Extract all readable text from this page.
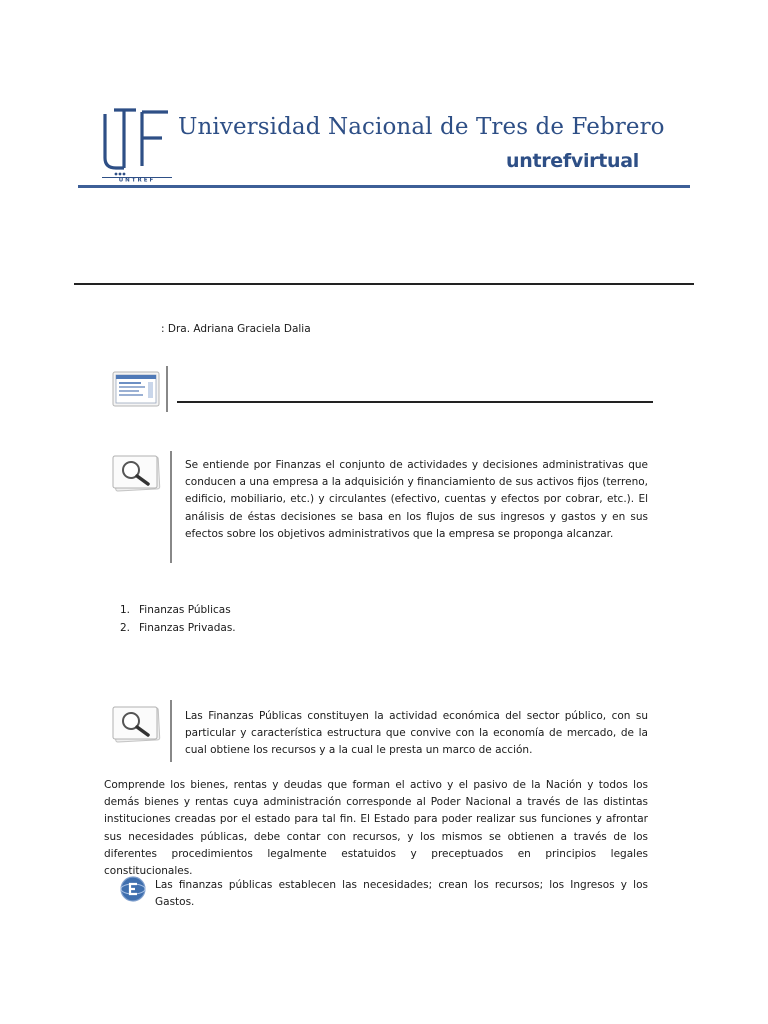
UNTREF
Universidad Nacional de Tres de Febrero
untrefvirtual
: Dra. Adriana Graciela Dalia
Se entiende por Finanzas el conjunto de actividades y decisiones administrativas que conducen a una empresa a la adquisición y financiamiento de sus activos fijos (terreno, edificio, mobiliario, etc.) y circulantes (efectivo, cuentas y efectos por cobrar, etc.). El análisis de éstas decisiones se basa en los flujos de sus ingresos y gastos y en sus efectos sobre los objetivos administrativos que la empresa se proponga alcanzar.
1. Finanzas Públicas
2. Finanzas Privadas.
Las Finanzas Públicas constituyen la actividad económica del sector público, con su particular y característica estructura que convive con la economía de mercado, de la cual obtiene los recursos y a la cual le presta un marco de acción.
Comprende los bienes, rentas y deudas que forman el activo y el pasivo de la Nación y todos los demás bienes y rentas cuya administración corresponde al Poder Nacional a través de las distintas instituciones creadas por el estado para tal fin. El Estado para poder realizar sus funciones y afrontar sus necesidades públicas, debe contar con recursos, y los mismos se obtienen a través de los diferentes procedimientos legalmente estatuidos y preceptuados en principios legales constitucionales.
Las finanzas públicas establecen las necesidades; crean los recursos; los Ingresos y los Gastos.
